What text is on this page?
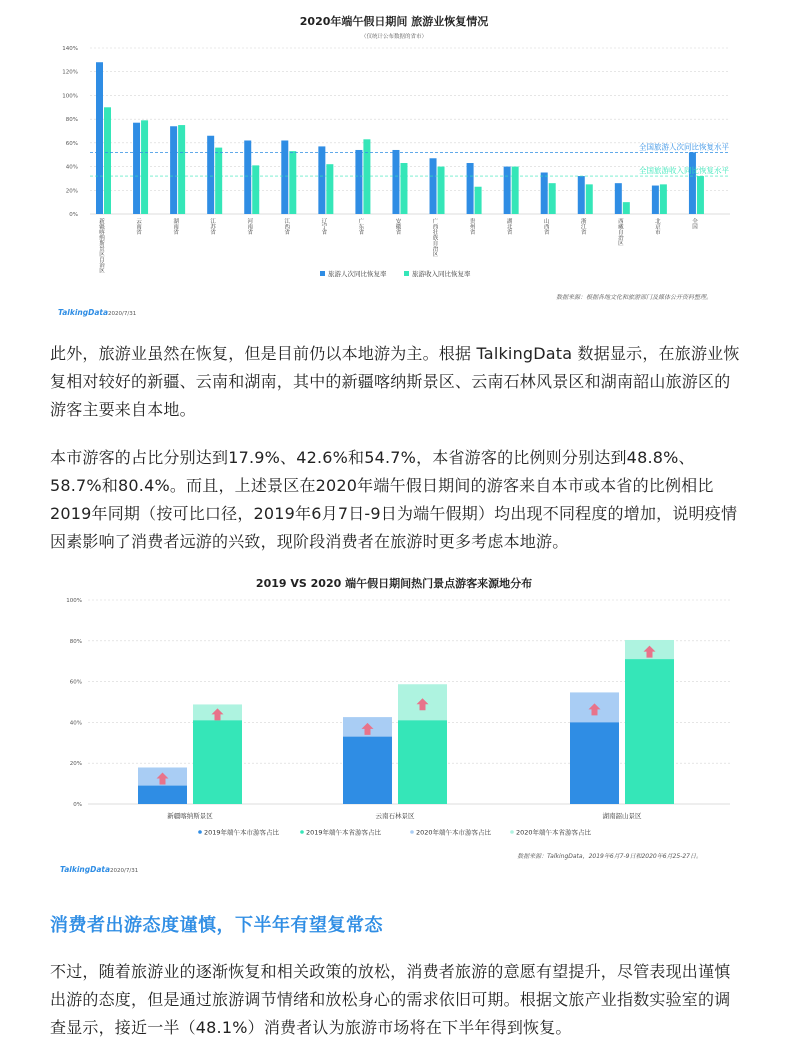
2020年端午假日期间 旅游业恢复情况
（仅统计公布数据的省市）
0%
20%
40%
60%
80%
100%
120%
140%
全国旅游人次同比恢复水平
全国旅游收入同比恢复水平
新疆喀纳斯景区自治区	云南省	湖南省	江苏省	河南省	江西省	辽宁省	广东省	安徽省	广西壮族自治区	贵州省	湖北省	山西省	浙江省	西藏自治区	北京市	全国
旅游人次同比恢复率	旅游收入同比恢复率
数据来源：根据各地文化和旅游部门及媒体公开资料整理。
TalkingData 2020/7/31

此外，旅游业虽然在恢复，但是目前仍以本地游为主。根据 TalkingData 数据显示，在旅游业恢复相对较好的新疆、云南和湖南，其中的新疆喀纳斯景区、云南石林风景区和湖南韶山旅游区的游客主要来自本地。

本市游客的占比分别达到17.9%、42.6%和54.7%，本省游客的比例则分别达到48.8%、58.7%和80.4%。而且，上述景区在2020年端午假日期间的游客来自本市或本省的比例相比2019年同期（按可比口径，2019年6月7日-9日为端午假期）均出现不同程度的增加，说明疫情因素影响了消费者远游的兴致，现阶段消费者在旅游时更多考虑本地游。

2019 VS 2020 端午假日期间热门景点游客来源地分布
0%
20%
40%
60%
80%
100%
新疆喀纳斯景区	云南石林景区	湖南韶山景区
2019年端午本市游客占比	2019年端午本省游客占比	2020年端午本市游客占比	2020年端午本省游客占比
数据来源：TalkingData，2019年6月7-9日和2020年6月25-27日。
TalkingData 2020/7/31
消费者出游态度谨慎，下半年有望复常态

不过，随着旅游业的逐渐恢复和相关政策的放松，消费者旅游的意愿有望提升，尽管表现出谨慎出游的态度，但是通过旅游调节情绪和放松身心的需求依旧可期。根据文旅产业指数实验室的调查显示，接近一半（48.1%）消费者认为旅游市场将在下半年得到恢复。
